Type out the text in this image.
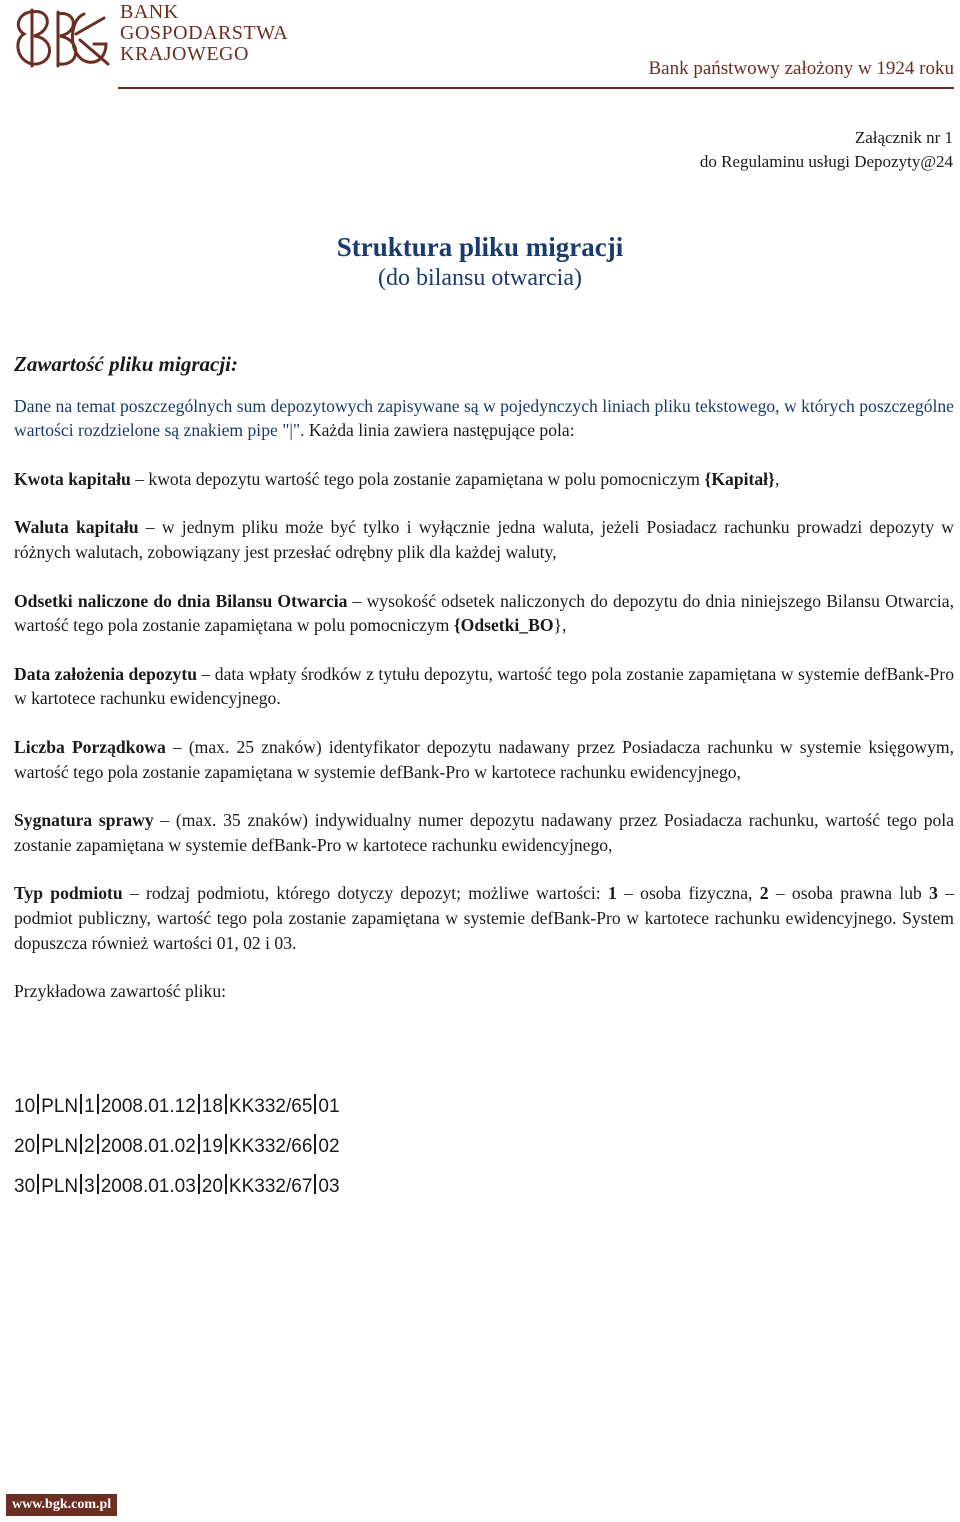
BANK
GOSPODARSTWA
KRAJOWEGO
Bank państwowy założony w 1924 roku
Załącznik nr 1
do Regulaminu usługi Depozyty@24
Struktura pliku migracji
(do bilansu otwarcia)
Zawartość pliku migracji:

Dane na temat poszczególnych sum depozytowych zapisywane są w pojedynczych liniach pliku tekstowego, w których poszczególne wartości rozdzielone są znakiem pipe "|". Każda linia zawiera następujące pola:

Kwota kapitału – kwota depozytu wartość tego pola zostanie zapamiętana w polu pomocniczym {Kapitał},

Waluta kapitału – w jednym pliku może być tylko i wyłącznie jedna waluta, jeżeli Posiadacz rachunku prowadzi depozyty w różnych walutach, zobowiązany jest przesłać odrębny plik dla każdej waluty,

Odsetki naliczone do dnia Bilansu Otwarcia – wysokość odsetek naliczonych do depozytu do dnia niniejszego Bilansu Otwarcia, wartość tego pola zostanie zapamiętana w polu pomocniczym {Odsetki_BO},

Data założenia depozytu – data wpłaty środków z tytułu depozytu, wartość tego pola zostanie zapamiętana w systemie defBank-Pro w kartotece rachunku ewidencyjnego.

Liczba Porządkowa – (max. 25 znaków) identyfikator depozytu nadawany przez Posiadacza rachunku w systemie księgowym, wartość tego pola zostanie zapamiętana w systemie defBank-Pro w kartotece rachunku ewidencyjnego,

Sygnatura sprawy – (max. 35 znaków) indywidualny numer depozytu nadawany przez Posiadacza rachunku, wartość tego pola zostanie zapamiętana w systemie defBank-Pro w kartotece rachunku ewidencyjnego,

Typ podmiotu – rodzaj podmiotu, którego dotyczy depozyt; możliwe wartości: 1 – osoba fizyczna, 2 – osoba prawna lub 3 – podmiot publiczny, wartość tego pola zostanie zapamiętana w systemie defBank-Pro w kartotece rachunku ewidencyjnego. System dopuszcza również wartości 01, 02 i 03.

Przykładowa zawartość pliku:

10 PLN 1 2008.01.12 18 KK332/65 01
20 PLN 2 2008.01.02 19 KK332/66 02
30 PLN 3 2008.01.03 20 KK332/67 03
www.bgk.com.pl
